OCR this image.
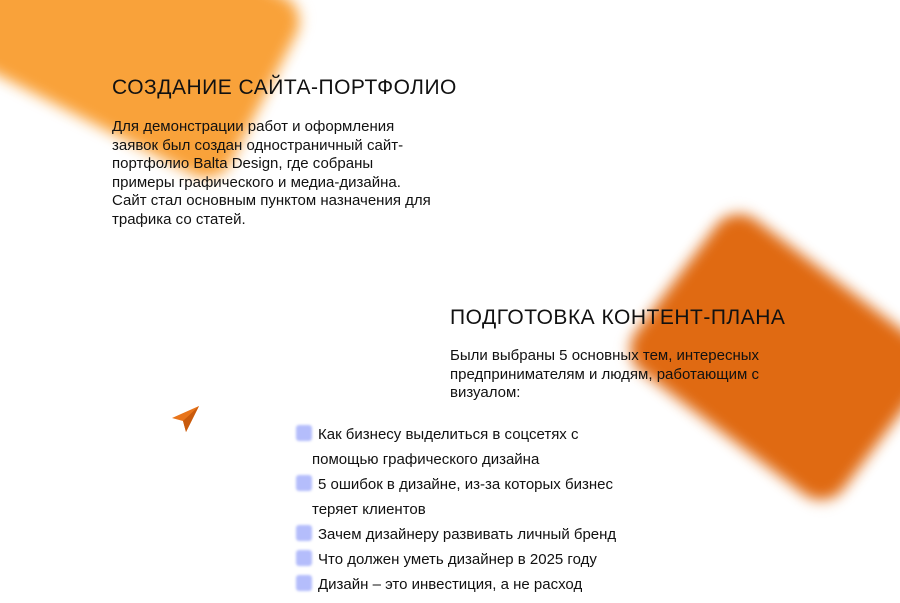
СОЗДАНИЕ САЙТА-ПОРТФОЛИО

Для демонстрации работ и оформления
заявок был создан одностраничный сайт-
портфолио Balta Design, где собраны
примеры графического и медиа-дизайна.
Сайт стал основным пунктом назначения для
трафика со статей.

ПОДГОТОВКА КОНТЕНТ-ПЛАНА

Были выбраны 5 основных тем, интересных
предпринимателям и людям, работающим с
визуалом:

Как бизнесу выделиться в соцсетях с
помощью графического дизайна
5 ошибок в дизайне, из-за которых бизнес
теряет клиентов
Зачем дизайнеру развивать личный бренд
Что должен уметь дизайнер в 2025 году
Дизайн – это инвестиция, а не расход
